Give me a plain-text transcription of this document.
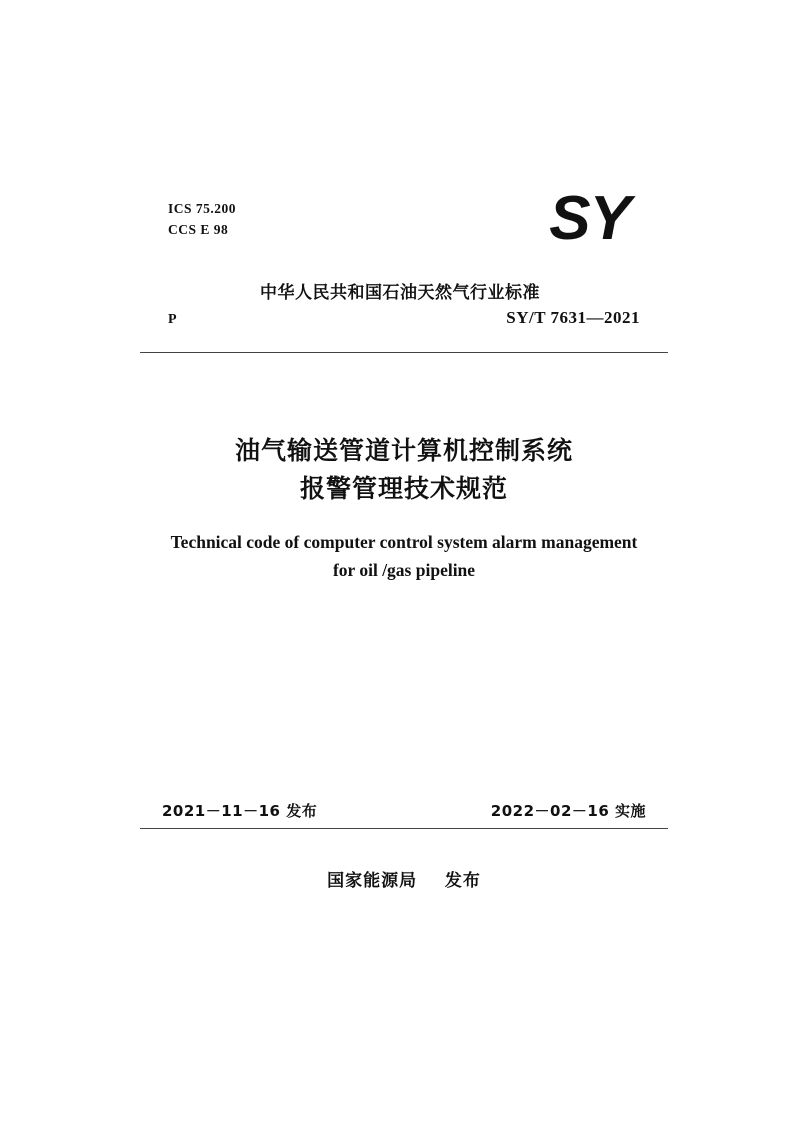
ICS 75.200
CCS E 98
P
SY
中华人民共和国石油天然气行业标准
SY/T 7631—2021
油气输送管道计算机控制系统
报警管理技术规范
Technical code of computer control system alarm management
for oil /gas pipeline
2021－11－16 发布	2022－02－16 实施
国家能源局 发布
